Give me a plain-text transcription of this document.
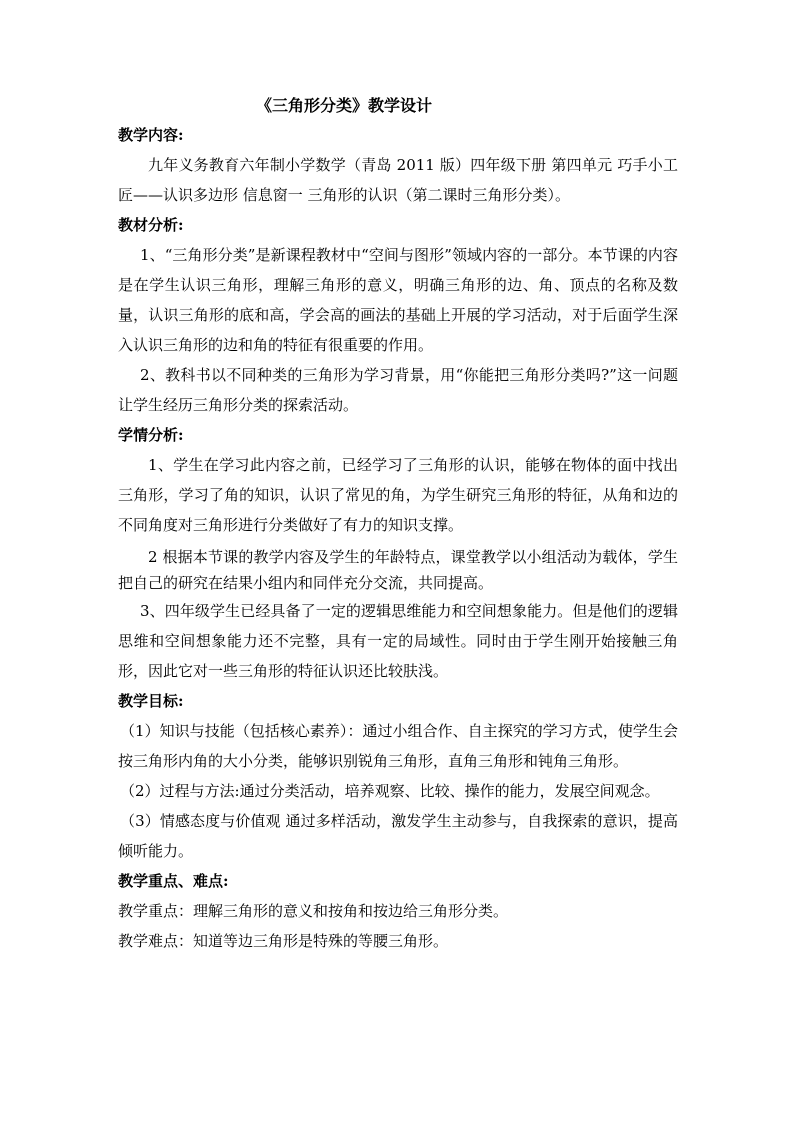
《三角形分类》教学设计
教学内容:

九年义务教育六年制小学数学（青岛 2011 版）四年级下册 第四单元 巧手小工匠——认识多边形 信息窗一 三角形的认识（第二课时三角形分类）。

教材分析:

1、“三角形分类”是新课程教材中“空间与图形”领域内容的一部分。本节课的内容是在学生认识三角形，理解三角形的意义，明确三角形的边、角、顶点的名称及数量，认识三角形的底和高，学会高的画法的基础上开展的学习活动，对于后面学生深入认识三角形的边和角的特征有很重要的作用。

2、教科书以不同种类的三角形为学习背景，用“你能把三角形分类吗?”这一问题让学生经历三角形分类的探索活动。

学情分析:

1、学生在学习此内容之前，已经学习了三角形的认识，能够在物体的面中找出三角形，学习了角的知识，认识了常见的角，为学生研究三角形的特征，从角和边的不同角度对三角形进行分类做好了有力的知识支撑。

2 根据本节课的教学内容及学生的年龄特点，课堂教学以小组活动为载体，学生把自己的研究在结果小组内和同伴充分交流，共同提高。

3、四年级学生已经具备了一定的逻辑思维能力和空间想象能力。但是他们的逻辑思维和空间想象能力还不完整，具有一定的局域性。同时由于学生刚开始接触三角形，因此它对一些三角形的特征认识还比较肤浅。

教学目标:

（1）知识与技能（包括核心素养）：通过小组合作、自主探究的学习方式，使学生会按三角形内角的大小分类，能够识别锐角三角形，直角三角形和钝角三角形。

（2）过程与方法:通过分类活动，培养观察、比较、操作的能力，发展空间观念。

（3）情感态度与价值观 通过多样活动，激发学生主动参与，自我探索的意识，提高倾听能力。

教学重点、难点:

教学重点：理解三角形的意义和按角和按边给三角形分类。

教学难点：知道等边三角形是特殊的等腰三角形。
